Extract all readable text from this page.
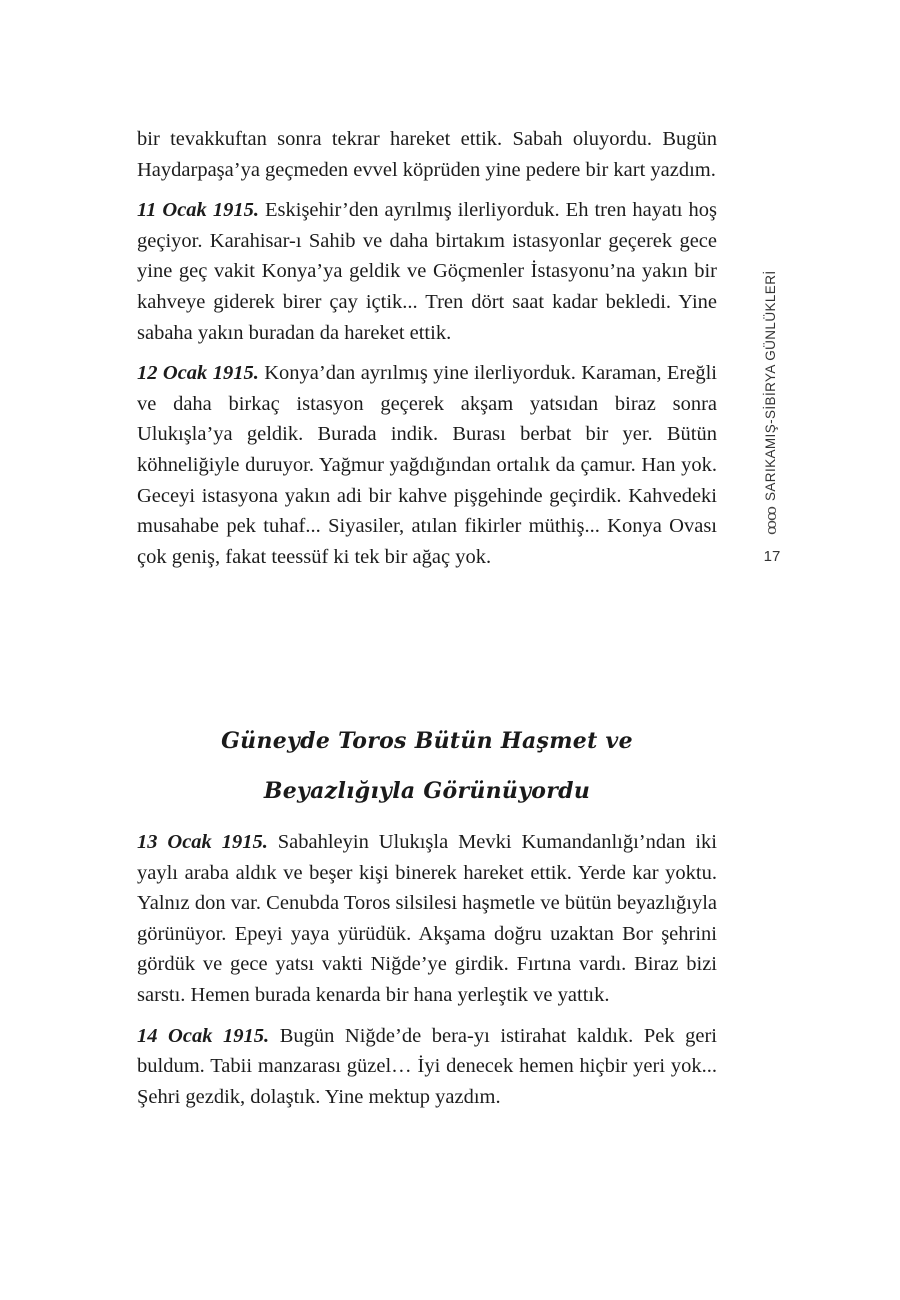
ꝏꝏ
SARIKAMIŞ-SİBİRYA GÜNLÜKLERİ
17

bir tevakkuftan sonra tekrar hareket ettik. Sabah oluyordu. Bugün Haydarpaşa’ya geçmeden evvel köprüden yine pedere bir kart yazdım.

11 Ocak 1915. Eskişehir’den ayrılmış ilerliyorduk. Eh tren hayatı hoş geçiyor. Karahisar-ı Sahib ve daha birtakım istasyonlar geçerek gece yine geç vakit Konya’ya geldik ve Göçmenler İstasyonu’na yakın bir kahveye giderek birer çay içtik... Tren dört saat kadar bekledi. Yine sabaha yakın buradan da hareket ettik.

12 Ocak 1915. Konya’dan ayrılmış yine ilerliyorduk. Karaman, Ereğli ve daha birkaç istasyon geçerek akşam yatsıdan biraz sonra Ulukışla’ya geldik. Burada indik. Burası berbat bir yer. Bütün köhneliğiyle duruyor. Yağmur yağdığından ortalık da çamur. Han yok. Geceyi istasyona yakın adi bir kahve pişgehinde geçirdik. Kahvedeki musahabe pek tuhaf... Siyasiler, atılan fikirler müthiş... Konya Ovası çok geniş, fakat teessüf ki tek bir ağaç yok.

Güneyde Toros Bütün Haşmet ve
Beyazlığıyla Görünüyordu

13 Ocak 1915. Sabahleyin Ulukışla Mevki Kumandanlığı’ndan iki yaylı araba aldık ve beşer kişi binerek hareket ettik. Yerde kar yoktu. Yalnız don var. Cenubda Toros silsilesi haşmetle ve bütün beyazlığıyla görünüyor. Epeyi yaya yürüdük. Akşama doğru uzaktan Bor şehrini gördük ve gece yatsı vakti Niğde’ye girdik. Fırtına vardı. Biraz bizi sarstı. Hemen burada kenarda bir hana yerleştik ve yattık.

14 Ocak 1915. Bugün Niğde’de bera-yı istirahat kaldık. Pek geri buldum. Tabii manzarası güzel… İyi denecek hemen hiçbir yeri yok... Şehri gezdik, dolaştık. Yine mektup yazdım.
